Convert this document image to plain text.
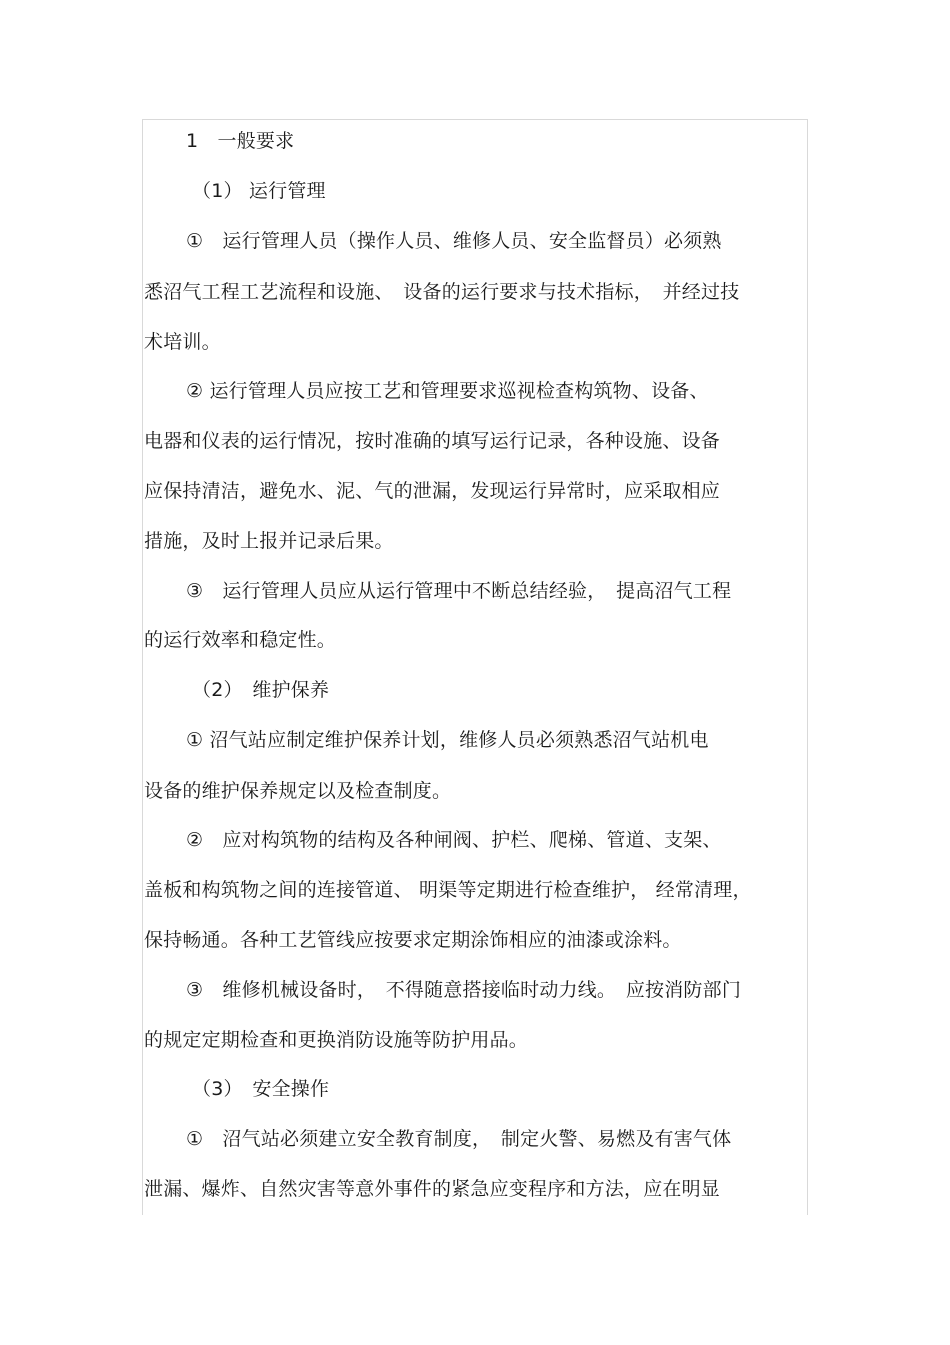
1　一般要求
（1） 运行管理
①　运行管理人员（操作人员、维修人员、安全监督员）必须熟
悉沼气工程工艺流程和设施、　设备的运行要求与技术指标，　并经过技
术培训。
② 运行管理人员应按工艺和管理要求巡视检查构筑物、设备、
电器和仪表的运行情况，按时准确的填写运行记录，各种设施、设备
应保持清洁，避免水、泥、气的泄漏，发现运行异常时，应采取相应
措施，及时上报并记录后果。
③　运行管理人员应从运行管理中不断总结经验，　提高沼气工程
的运行效率和稳定性。
（2）　维护保养
① 沼气站应制定维护保养计划，维修人员必须熟悉沼气站机电
设备的维护保养规定以及检查制度。
②　应对构筑物的结构及各种闸阀、护栏、爬梯、管道、支架、
盖板和构筑物之间的连接管道、 明渠等定期进行检查维护， 经常清理，
保持畅通。各种工艺管线应按要求定期涂饰相应的油漆或涂料。
③　维修机械设备时，　不得随意搭接临时动力线。　应按消防部门
的规定定期检查和更换消防设施等防护用品。
（3）　安全操作
①　沼气站必须建立安全教育制度，　制定火警、易燃及有害气体
泄漏、爆炸、自然灾害等意外事件的紧急应变程序和方法，应在明显
